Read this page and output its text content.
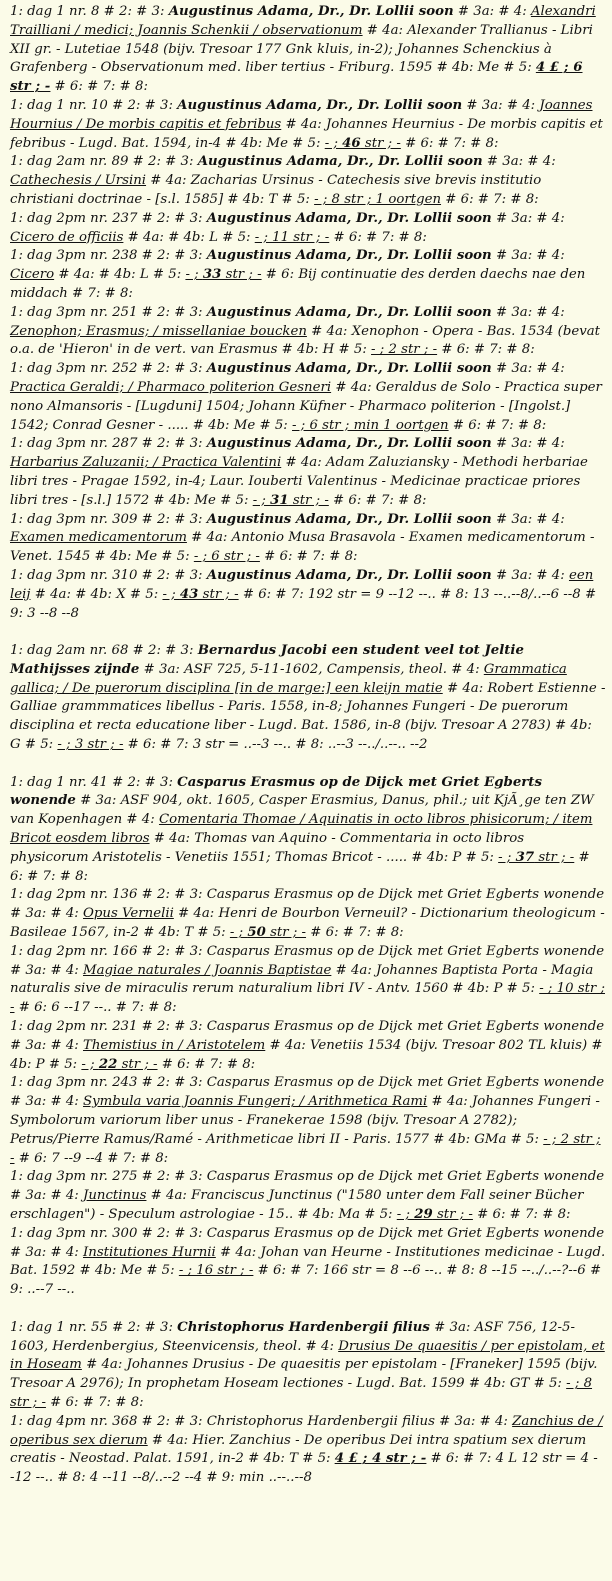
1: dag 1 nr. 8 # 2: # 3: Augustinus Adama, Dr., Dr. Lollii soon # 3a: # 4: Alexandri Trailliani / medici; Joannis Schenkii / observationum # 4a: Alexander Trallianus - Libri XII gr. - Lutetiae 1548 (bijv. Tresoar 177 Gnk kluis, in-2); Johannes Schenckius à Grafenberg - Observationum med. liber tertius - Friburg. 1595 # 4b: Me # 5: 4 £ ; 6 str ; - # 6: # 7: # 8:

1: dag 1 nr. 10 # 2: # 3: Augustinus Adama, Dr., Dr. Lollii soon # 3a: # 4: Joannes Hournius / De morbis capitis et febribus # 4a: Johannes Heurnius - De morbis capitis et febribus - Lugd. Bat. 1594, in-4 # 4b: Me # 5: - ; 46 str ; - # 6: # 7: # 8:

1: dag 2am nr. 89 # 2: # 3: Augustinus Adama, Dr., Dr. Lollii soon # 3a: # 4: Cathechesis / Ursini # 4a: Zacharias Ursinus - Catechesis sive brevis institutio christiani doctrinae - [s.l. 1585] # 4b: T # 5: - ; 8 str ; 1 oortgen # 6: # 7: # 8:

1: dag 2pm nr. 237 # 2: # 3: Augustinus Adama, Dr., Dr. Lollii soon # 3a: # 4: Cicero de officiis # 4a: # 4b: L # 5: - ; 11 str ; - # 6: # 7: # 8:

1: dag 3pm nr. 238 # 2: # 3: Augustinus Adama, Dr., Dr. Lollii soon # 3a: # 4: Cicero # 4a: # 4b: L # 5: - ; 33 str ; - # 6: Bij continuatie des derden daechs nae den middach # 7: # 8:

1: dag 3pm nr. 251 # 2: # 3: Augustinus Adama, Dr., Dr. Lollii soon # 3a: # 4: Zenophon; Erasmus; / missellaniae boucken # 4a: Xenophon - Opera - Bas. 1534 (bevat o.a. de 'Hieron' in de vert. van Erasmus # 4b: H # 5: - ; 2 str ; - # 6: # 7: # 8:

1: dag 3pm nr. 252 # 2: # 3: Augustinus Adama, Dr., Dr. Lollii soon # 3a: # 4: Practica Geraldi; / Pharmaco politerion Gesneri # 4a: Geraldus de Solo - Practica super nono Almansoris - [Lugduni] 1504; Johann Küfner - Pharmaco politerion - [Ingolst.] 1542; Conrad Gesner - ..... # 4b: Me # 5: - ; 6 str ; min 1 oortgen # 6: # 7: # 8:

1: dag 3pm nr. 287 # 2: # 3: Augustinus Adama, Dr., Dr. Lollii soon # 3a: # 4: Harbarius Zaluzanii; / Practica Valentini # 4a: Adam Zaluziansky - Methodi herbariae libri tres - Pragae 1592, in-4; Laur. Iouberti Valentinus - Medicinae practicae priores libri tres - [s.l.] 1572 # 4b: Me # 5: - ; 31 str ; - # 6: # 7: # 8:

1: dag 3pm nr. 309 # 2: # 3: Augustinus Adama, Dr., Dr. Lollii soon # 3a: # 4: Examen medicamentorum # 4a: Antonio Musa Brasavola - Examen medicamentorum - Venet. 1545 # 4b: Me # 5: - ; 6 str ; - # 6: # 7: # 8:

1: dag 3pm nr. 310 # 2: # 3: Augustinus Adama, Dr., Dr. Lollii soon # 3a: # 4: een leij # 4a: # 4b: X # 5: - ; 43 str ; - # 6: # 7: 192 str = 9 --12 --.. # 8: 13 --..--8/..--6 --8 # 9: 3 --8 --8

1: dag 2am nr. 68 # 2: # 3: Bernardus Jacobi een student veel tot Jeltie Mathijsses zijnde # 3a: ASF 725, 5-11-1602, Campensis, theol. # 4: Grammatica gallica; / De puerorum disciplina [in de marge:] een kleijn matie # 4a: Robert Estienne - Galliae grammmatices libellus - Paris. 1558, in-8; Johannes Fungeri - De puerorum disciplina et recta educatione liber - Lugd. Bat. 1586, in-8 (bijv. Tresoar A 2783) # 4b: G # 5: - ; 3 str ; - # 6: # 7: 3 str = ..--3 --.. # 8: ..--3 --../..--.. --2

1: dag 1 nr. 41 # 2: # 3: Casparus Erasmus op de Dijck met Griet Egberts wonende # 3a: ASF 904, okt. 1605, Casper Erasmius, Danus, phil.; uit KjÃ¸ge ten ZW van Kopenhagen # 4: Comentaria Thomae / Aquinatis in octo libros phisicorum; / item Bricot eosdem libros # 4a: Thomas van Aquino - Commentaria in octo libros physicorum Aristotelis - Venetiis 1551; Thomas Bricot - ..... # 4b: P # 5: - ; 37 str ; - # 6: # 7: # 8:

1: dag 2pm nr. 136 # 2: # 3: Casparus Erasmus op de Dijck met Griet Egberts wonende # 3a: # 4: Opus Vernelii # 4a: Henri de Bourbon Verneuil? - Dictionarium theologicum - Basileae 1567, in-2 # 4b: T # 5: - ; 50 str ; - # 6: # 7: # 8:

1: dag 2pm nr. 166 # 2: # 3: Casparus Erasmus op de Dijck met Griet Egberts wonende # 3a: # 4: Magiae naturales / Joannis Baptistae # 4a: Johannes Baptista Porta - Magia naturalis sive de miraculis rerum naturalium libri IV - Antv. 1560 # 4b: P # 5: - ; 10 str ; - # 6: 6 --17 --.. # 7: # 8:

1: dag 2pm nr. 231 # 2: # 3: Casparus Erasmus op de Dijck met Griet Egberts wonende # 3a: # 4: Themistius in / Aristotelem # 4a: Venetiis 1534 (bijv. Tresoar 802 TL kluis) # 4b: P # 5: - ; 22 str ; - # 6: # 7: # 8:

1: dag 3pm nr. 243 # 2: # 3: Casparus Erasmus op de Dijck met Griet Egberts wonende # 3a: # 4: Symbula varia Joannis Fungeri; / Arithmetica Rami # 4a: Johannes Fungeri - Symbolorum variorum liber unus - Franekerae 1598 (bijv. Tresoar A 2782); Petrus/Pierre Ramus/Ramé - Arithmeticae libri II - Paris. 1577 # 4b: GMa # 5: - ; 2 str ; - # 6: 7 --9 --4 # 7: # 8:

1: dag 3pm nr. 275 # 2: # 3: Casparus Erasmus op de Dijck met Griet Egberts wonende # 3a: # 4: Junctinus # 4a: Franciscus Junctinus ("1580 unter dem Fall seiner Bücher erschlagen") - Speculum astrologiae - 15.. # 4b: Ma # 5: - ; 29 str ; - # 6: # 7: # 8:

1: dag 3pm nr. 300 # 2: # 3: Casparus Erasmus op de Dijck met Griet Egberts wonende # 3a: # 4: Institutiones Hurnii # 4a: Johan van Heurne - Institutiones medicinae - Lugd. Bat. 1592 # 4b: Me # 5: - ; 16 str ; - # 6: # 7: 166 str = 8 --6 --.. # 8: 8 --15 --../..--?--6 # 9: ..--7 --..

1: dag 1 nr. 55 # 2: # 3: Christophorus Hardenbergii filius # 3a: ASF 756, 12-5-1603, Herdenbergius, Steenvicensis, theol. # 4: Drusius De quaesitis / per epistolam, et in Hoseam # 4a: Johannes Drusius - De quaesitis per epistolam - [Franeker] 1595 (bijv. Tresoar A 2976); In prophetam Hoseam lectiones - Lugd. Bat. 1599 # 4b: GT # 5: - ; 8 str ; - # 6: # 7: # 8:

1: dag 4pm nr. 368 # 2: # 3: Christophorus Hardenbergii filius # 3a: # 4: Zanchius de / operibus sex dierum # 4a: Hier. Zanchius - De operibus Dei intra spatium sex dierum creatis - Neostad. Palat. 1591, in-2 # 4b: T # 5: 4 £ ; 4 str ; - # 6: # 7: 4 L 12 str = 4 --12 --.. # 8: 4 --11 --8/..--2 --4 # 9: min ..--..--8
